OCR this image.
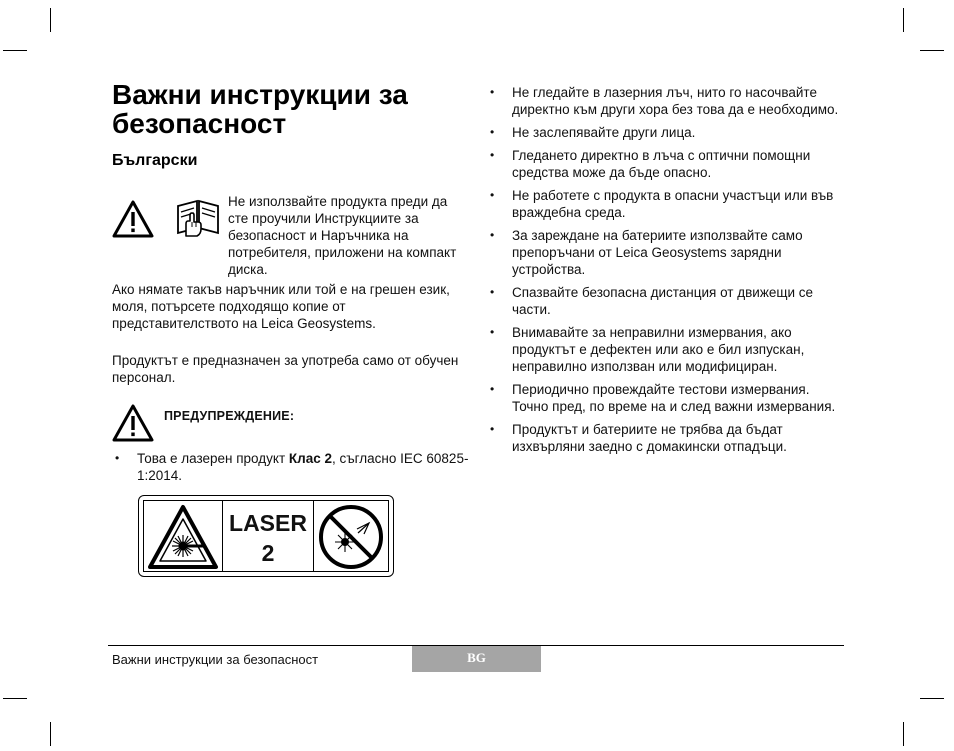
Важни инструкции за безопасност
Български
Не използвайте продукта преди да сте проучили Инструкциите за безопасност и Наръчника на потребителя, приложени на компакт диска.
Ако нямате такъв наръчник или той е на грешен език, моля, потърсете подходящо копие от представителството на Leica Geosystems.
Продуктът е предназначен за употреба само от обучен персонал.
ПРЕДУПРЕЖДЕНИЕ:
• Това е лазерен продукт Клас 2, съгласно IEC 60825-1:2014.
LASER
2
• Не гледайте в лазерния лъч, нито го насочвайте директно към други хора без това да е необходимо.
• Не заслепявайте други лица.
• Гледането директно в лъча с оптични помощни средства може да бъде опасно.
• Не работете с продукта в опасни участъци или във враждебна среда.
• За зареждане на батериите използвайте само препоръчани от Leica Geosystems зарядни устройства.
• Спазвайте безопасна дистанция от движещи се части.
• Внимавайте за неправилни измервания, ако продуктът е дефектен или ако е бил изпускан, неправилно използван или модифициран.
• Периодично провеждайте тестови измервания. Точно пред, по време на и след важни измервания.
• Продуктът и батериите не трябва да бъдат изхвърляни заедно с домакински отпадъци.
Важни инструкции за безопасност	BG
